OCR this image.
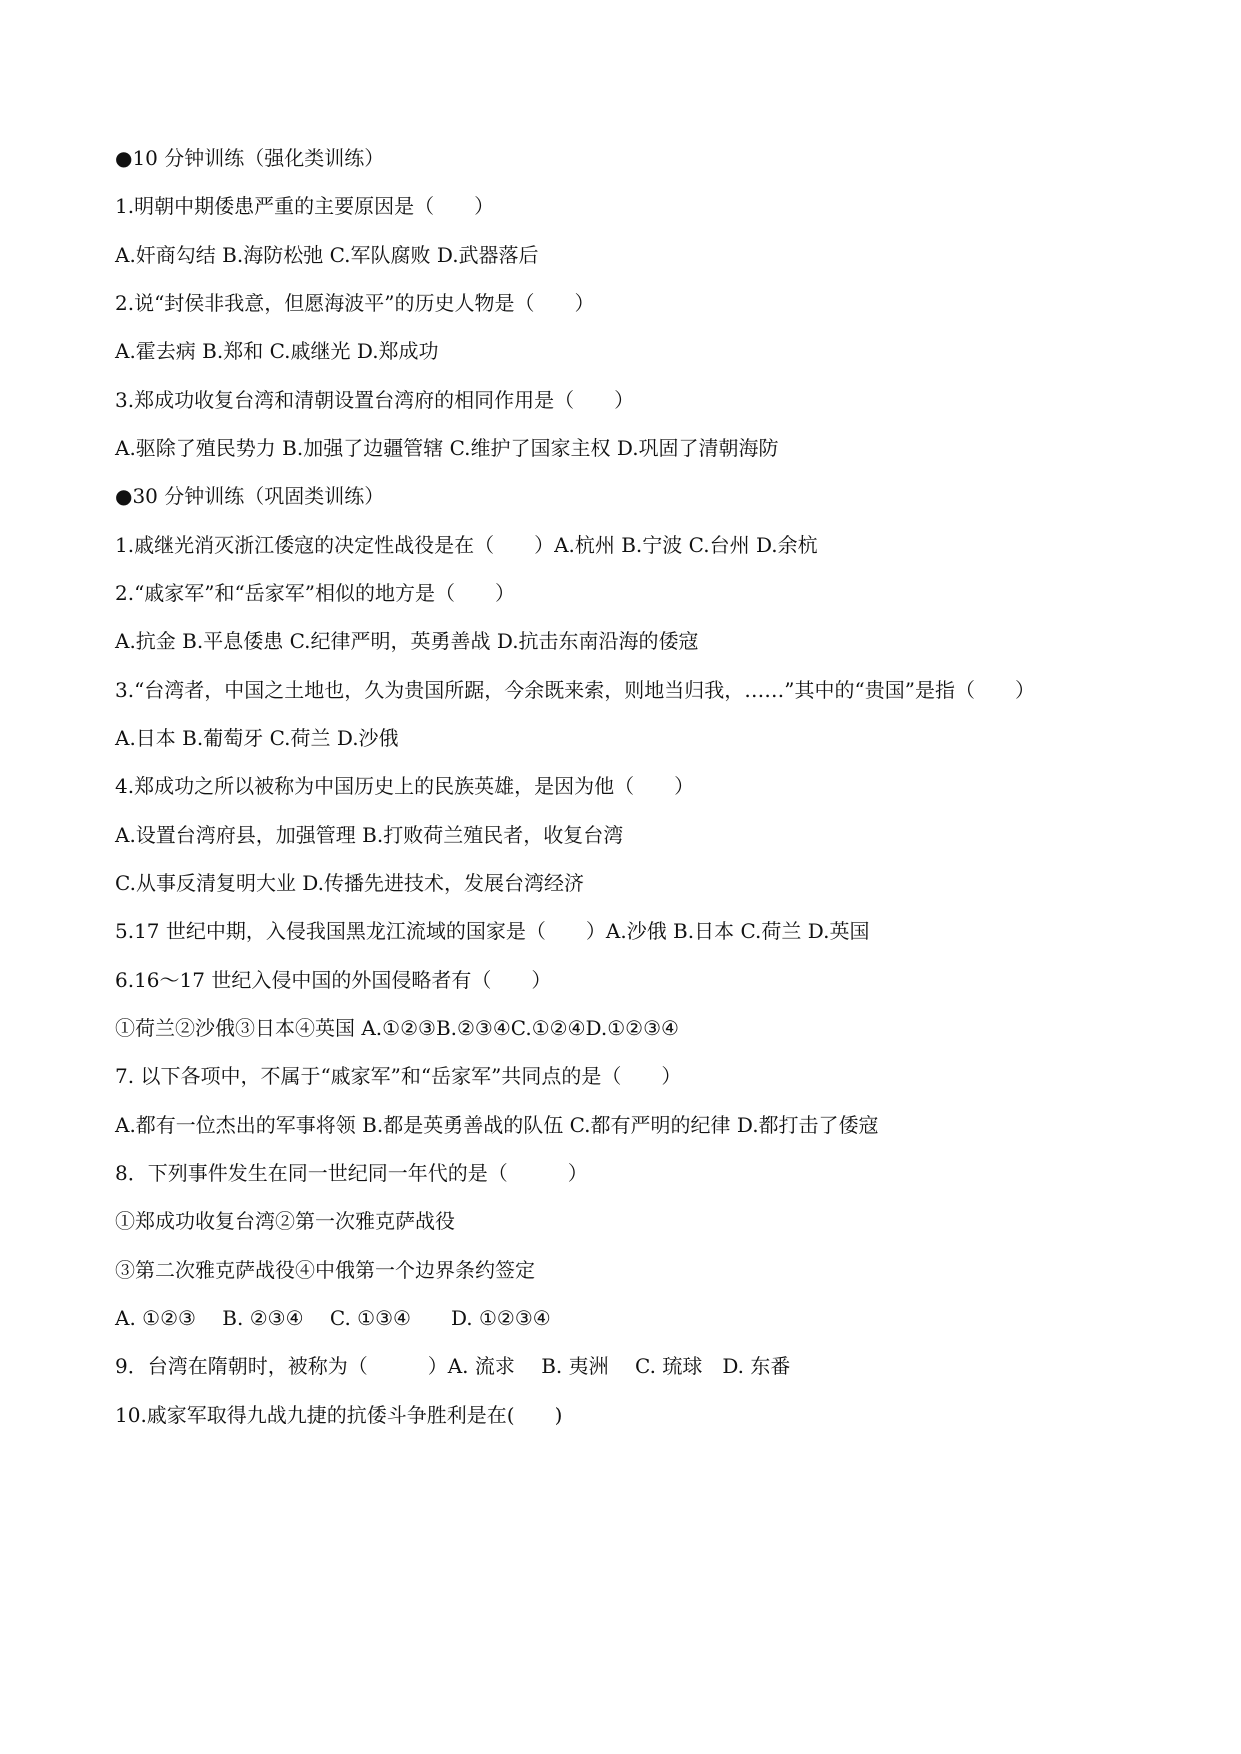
●10 分钟训练（强化类训练）
1.明朝中期倭患严重的主要原因是（　　）
A.奸商勾结 B.海防松弛 C.军队腐败 D.武器落后
2.说“封侯非我意，但愿海波平”的历史人物是（　　）
A.霍去病 B.郑和 C.戚继光 D.郑成功
3.郑成功收复台湾和清朝设置台湾府的相同作用是（　　）
A.驱除了殖民势力 B.加强了边疆管辖 C.维护了国家主权 D.巩固了清朝海防
●30 分钟训练（巩固类训练）
1.戚继光消灭浙江倭寇的决定性战役是在（　　）A.杭州 B.宁波 C.台州 D.余杭
2.“戚家军”和“岳家军”相似的地方是（　　）
A.抗金 B.平息倭患 C.纪律严明，英勇善战 D.抗击东南沿海的倭寇
3.“台湾者，中国之土地也，久为贵国所踞，今余既来索，则地当归我，……”其中的“贵国”是指（　　）
A.日本 B.葡萄牙 C.荷兰 D.沙俄
4.郑成功之所以被称为中国历史上的民族英雄，是因为他（　　）
A.设置台湾府县，加强管理 B.打败荷兰殖民者，收复台湾
C.从事反清复明大业 D.传播先进技术，发展台湾经济
5.17 世纪中期，入侵我国黑龙江流域的国家是（　　）A.沙俄 B.日本 C.荷兰 D.英国
6.16～17 世纪入侵中国的外国侵略者有（　　）
①荷兰②沙俄③日本④英国 A.①②③B.②③④C.①②④D.①②③④
7. 以下各项中，不属于“戚家军”和“岳家军”共同点的是（　　）
A.都有一位杰出的军事将领 B.都是英勇善战的队伍 C.都有严明的纪律 D.都打击了倭寇
8．下列事件发生在同一世纪同一年代的是（　　　）
①郑成功收复台湾②第一次雅克萨战役
③第二次雅克萨战役④中俄第一个边界条约签定
A. ①②③　 B. ②③④　 C. ①③④　　D. ①②③④
9．台湾在隋朝时，被称为（　　　）A. 流求　 B. 夷洲　 C. 琉球　D. 东番
10.戚家军取得九战九捷的抗倭斗争胜利是在(　　)
